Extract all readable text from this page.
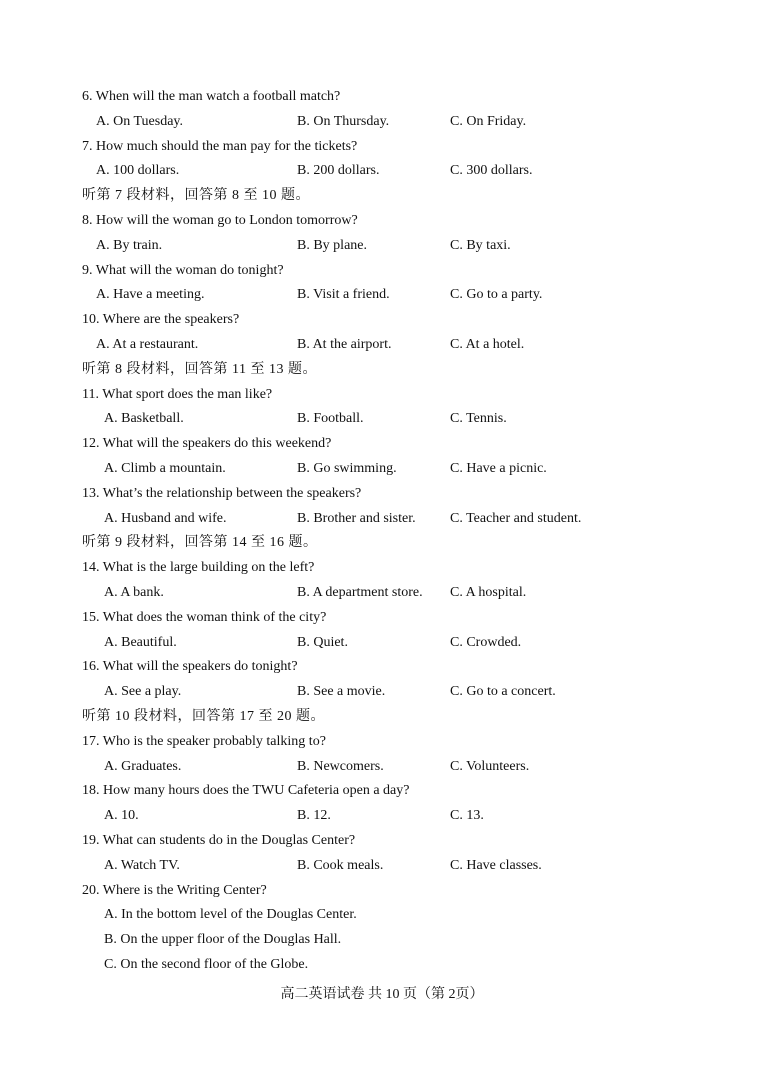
6. When will the man watch a football match?
A. On Tuesday.	B. On Thursday.	C. On Friday.
7. How much should the man pay for the tickets?
A. 100 dollars.	B. 200 dollars.	C. 300 dollars.
听第 7 段材料，回答第 8 至 10 题。
8. How will the woman go to London tomorrow?
A. By train.	B. By plane.	C. By taxi.
9. What will the woman do tonight?
A. Have a meeting.	B. Visit a friend.	C. Go to a party.
10. Where are the speakers?
A. At a restaurant.	B. At the airport.	C. At a hotel.
听第 8 段材料，回答第 11 至 13 题。
11. What sport does the man like?
A. Basketball.	B. Football.	C. Tennis.
12. What will the speakers do this weekend?
A. Climb a mountain.	B. Go swimming.	C. Have a picnic.
13. What’s the relationship between the speakers?
A. Husband and wife.	B. Brother and sister. C. Teacher and student.
听第 9 段材料，回答第 14 至 16 题。
14. What is the large building on the left?
A. A bank.	B. A department store. C. A hospital.
15. What does the woman think of the city?
A. Beautiful.	B. Quiet.	C. Crowded.
16. What will the speakers do tonight?
A. See a play.	B. See a movie.	C. Go to a concert.
听第 10 段材料，回答第 17 至 20 题。
17. Who is the speaker probably talking to?
A. Graduates.	B. Newcomers.	C. Volunteers.
18. How many hours does the TWU Cafeteria open a day?
A. 10.	B. 12.	C. 13.
19. What can students do in the Douglas Center?
A. Watch TV.	B. Cook meals.	C. Have classes.
20. Where is the Writing Center?
A. In the bottom level of the Douglas Center.
B. On the upper floor of the Douglas Hall.
C. On the second floor of the Globe.
高二英语试卷 共 10 页（第 2页）
